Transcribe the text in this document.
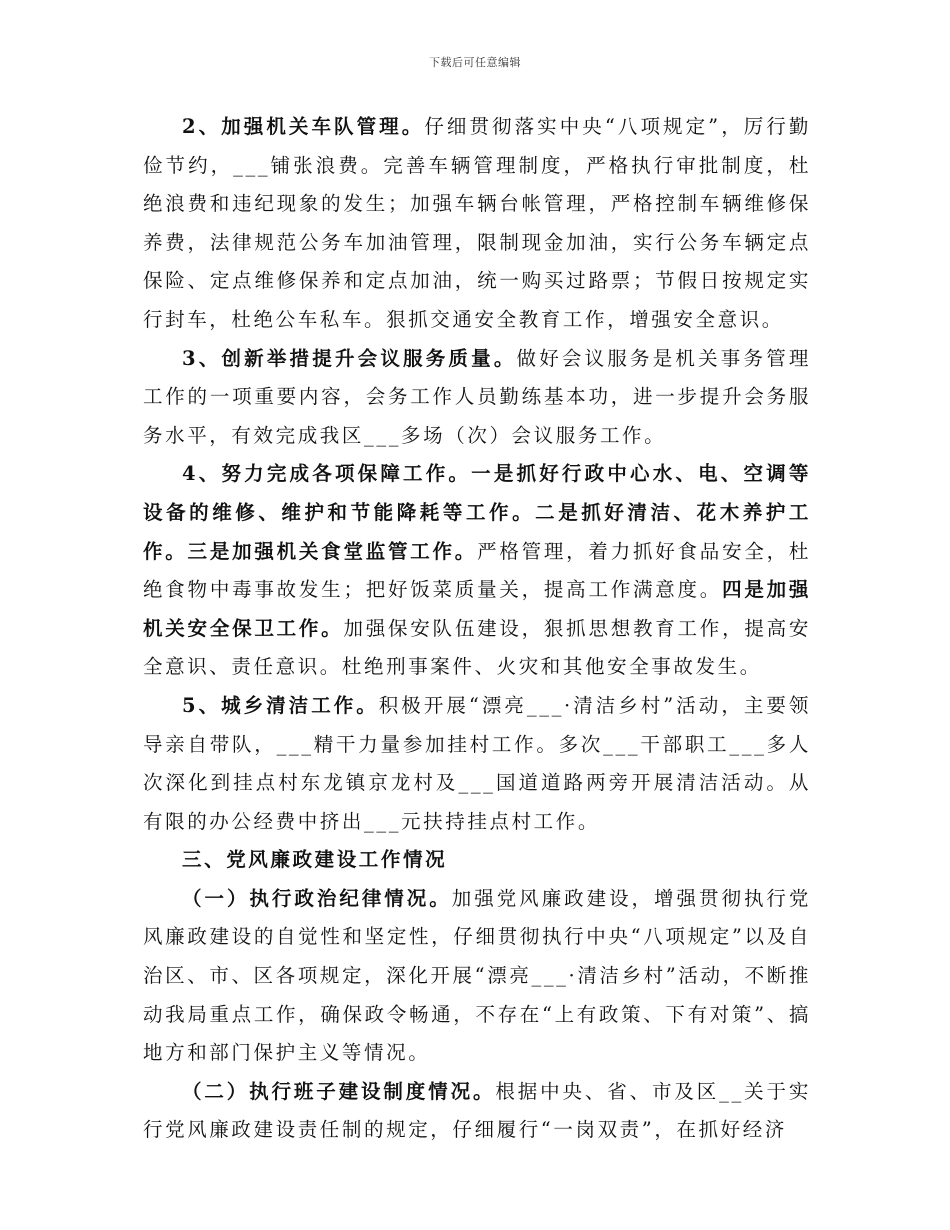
下载后可任意编辑

2、加强机关车队管理。仔细贯彻落实中央“八项规定”，厉行勤俭节约，___铺张浪费。完善车辆管理制度，严格执行审批制度，杜绝浪费和违纪现象的发生；加强车辆台帐管理，严格控制车辆维修保养费，法律规范公务车加油管理，限制现金加油，实行公务车辆定点保险、定点维修保养和定点加油，统一购买过路票；节假日按规定实行封车，杜绝公车私车。狠抓交通安全教育工作，增强安全意识。

3、创新举措提升会议服务质量。做好会议服务是机关事务管理工作的一项重要内容，会务工作人员勤练基本功，进一步提升会务服务水平，有效完成我区___多场（次）会议服务工作。

4、努力完成各项保障工作。一是抓好行政中心水、电、空调等设备的维修、维护和节能降耗等工作。二是抓好清洁、花木养护工作。三是加强机关食堂监管工作。严格管理，着力抓好食品安全，杜绝食物中毒事故发生；把好饭菜质量关，提高工作满意度。四是加强机关安全保卫工作。加强保安队伍建设，狠抓思想教育工作，提高安全意识、责任意识。杜绝刑事案件、火灾和其他安全事故发生。

5、城乡清洁工作。积极开展“漂亮___·清洁乡村”活动，主要领导亲自带队，___精干力量参加挂村工作。多次___干部职工___多人次深化到挂点村东龙镇京龙村及___国道道路两旁开展清洁活动。从有限的办公经费中挤出___元扶持挂点村工作。

三、党风廉政建设工作情况

（一）执行政治纪律情况。加强党风廉政建设，增强贯彻执行党风廉政建设的自觉性和坚定性，仔细贯彻执行中央“八项规定”以及自治区、市、区各项规定，深化开展“漂亮___·清洁乡村”活动，不断推动我局重点工作，确保政令畅通，不存在“上有政策、下有对策”、搞地方和部门保护主义等情况。

（二）执行班子建设制度情况。根据中央、省、市及区__关于实行党风廉政建设责任制的规定，仔细履行“一岗双责”，在抓好经济
